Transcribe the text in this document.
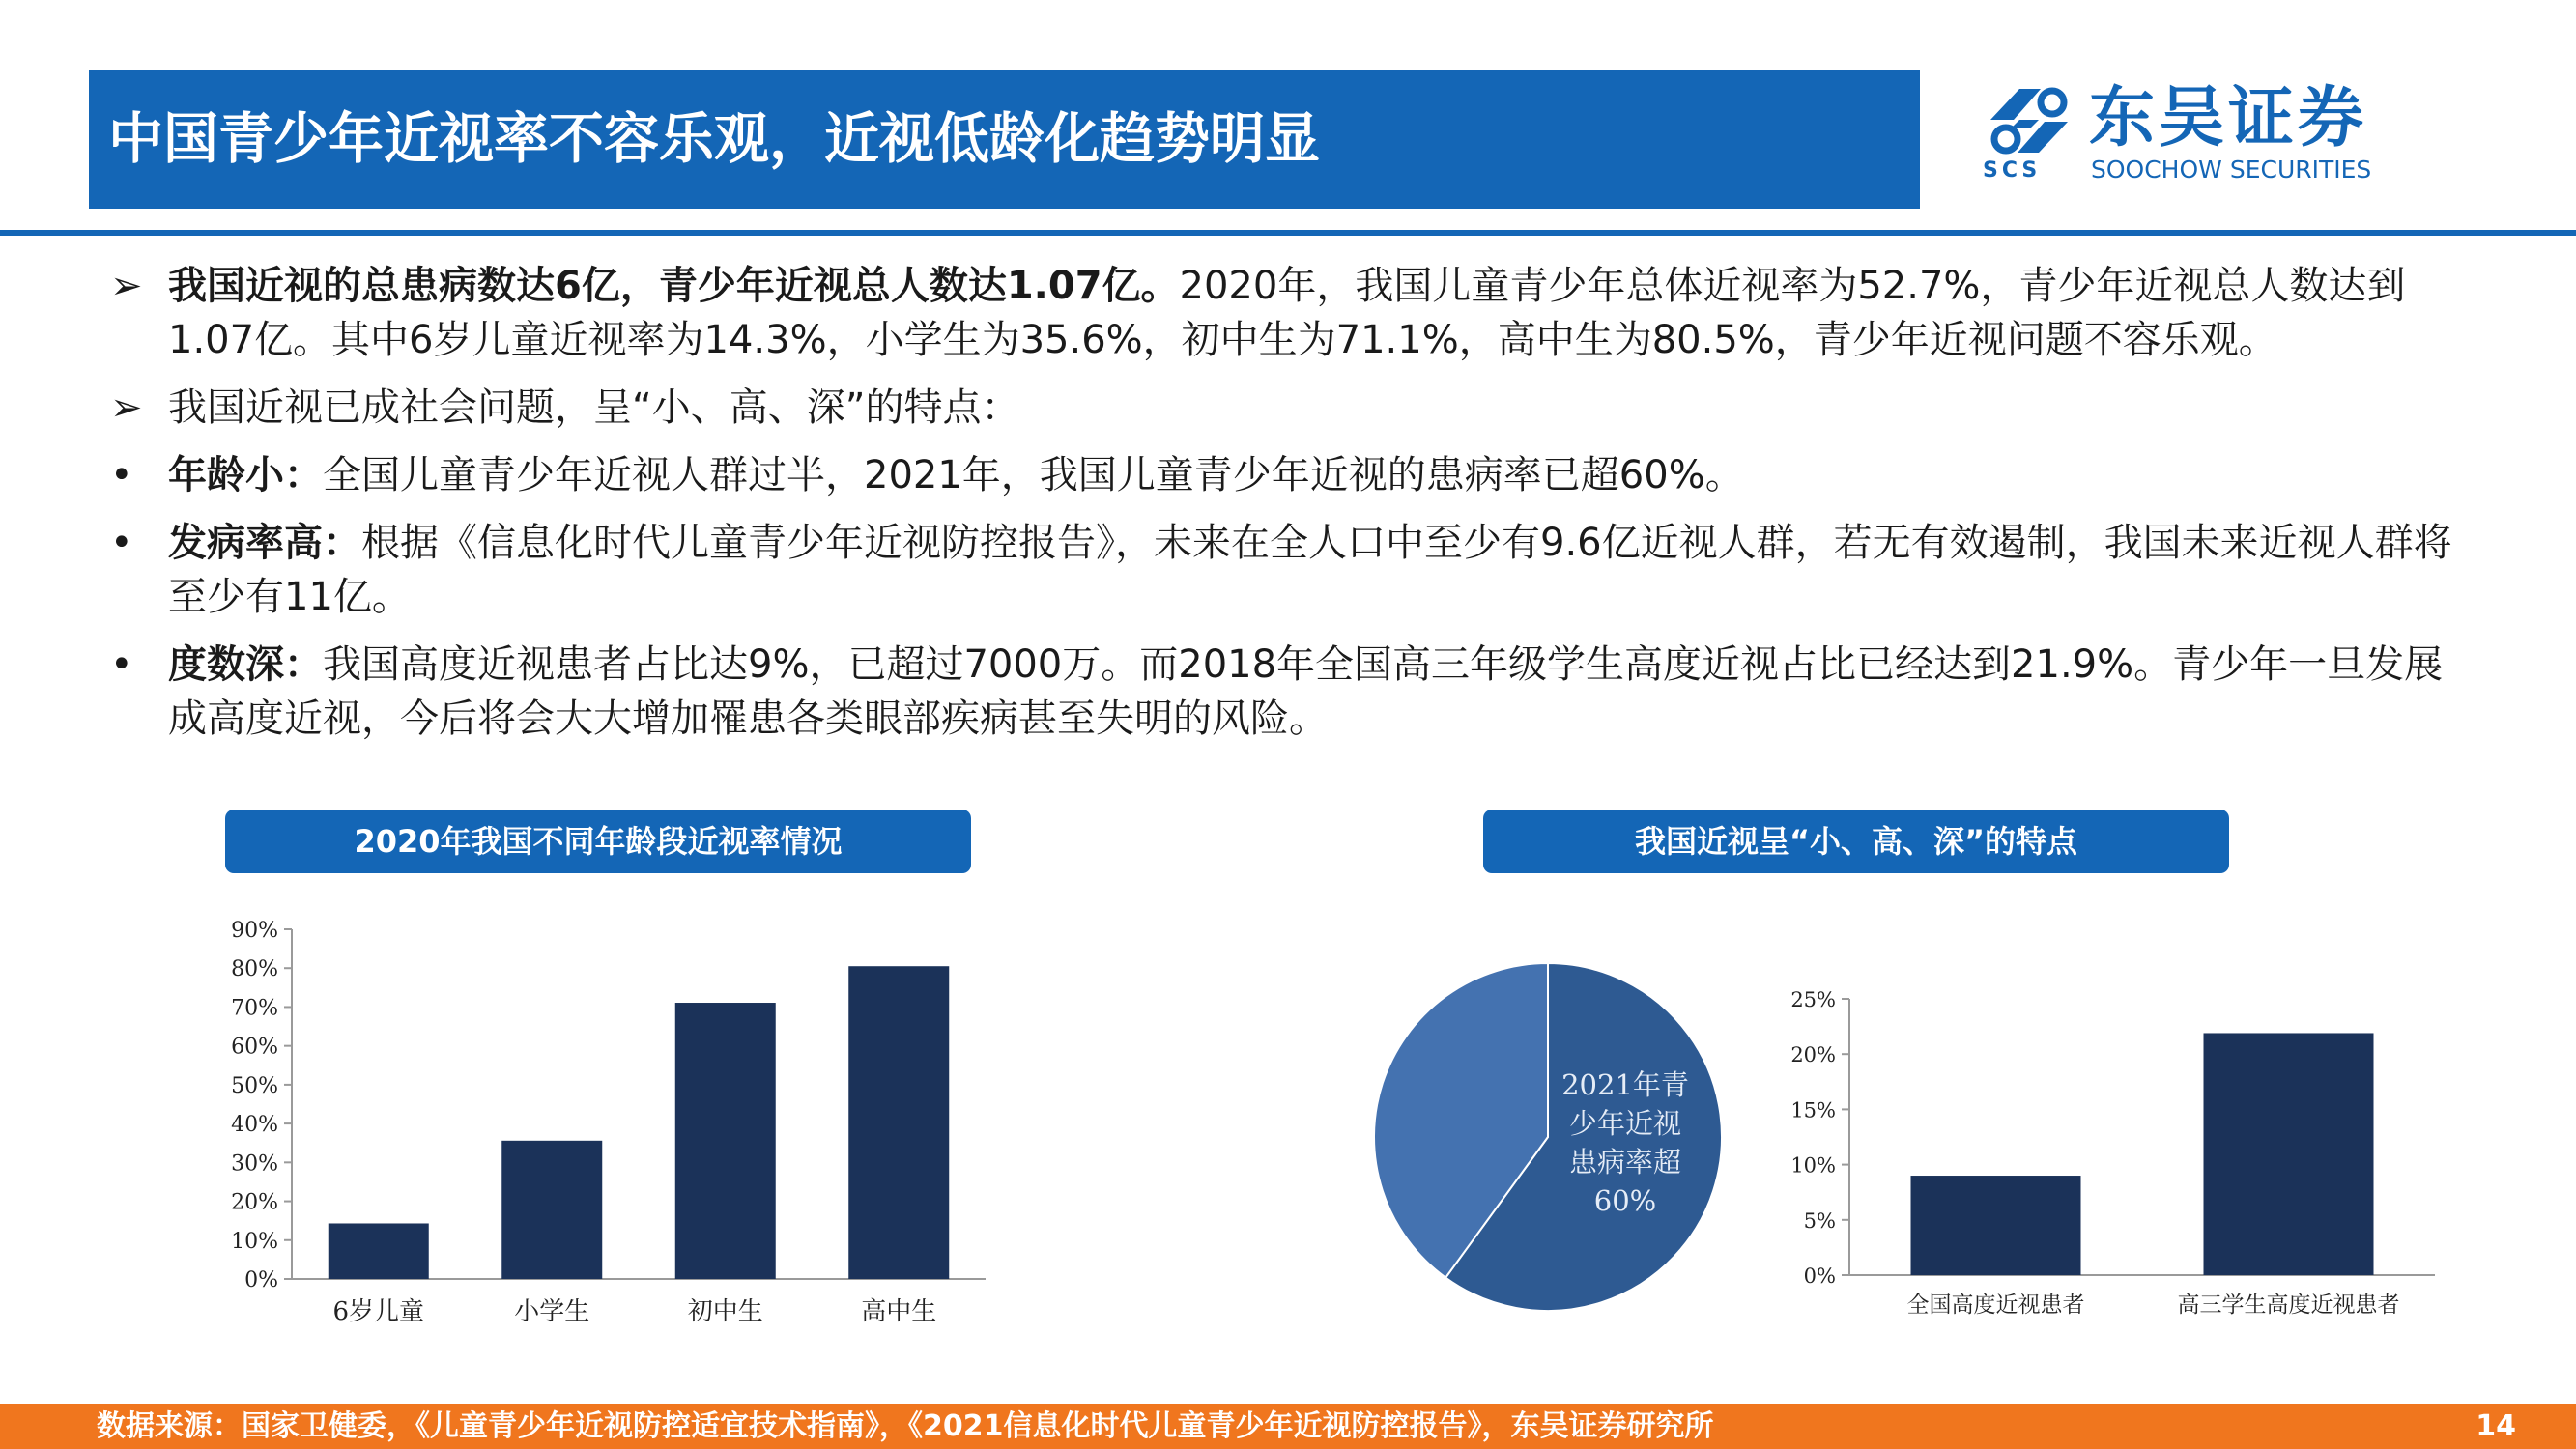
中国青少年近视率不容乐观，近视低龄化趋势明显	SCS
东吴证券
SOOCHOW SECURITIES
➢ 我国近视的总患病数达6亿，青少年近视总人数达1.07亿。2020年，我国儿童青少年总体近视率为52.7%，青少年近视总人数达到1.07亿。其中6岁儿童近视率为14.3%，小学生为35.6%，初中生为71.1%，高中生为80.5%，青少年近视问题不容乐观。
➢ 我国近视已成社会问题，呈“小、高、深”的特点：
• 年龄小：全国儿童青少年近视人群过半，2021年，我国儿童青少年近视的患病率已超60%。
• 发病率高：根据《信息化时代儿童青少年近视防控报告》，未来在全人口中至少有9.6亿近视人群，若无有效遏制，我国未来近视人群将至少有11亿。
• 度数深：我国高度近视患者占比达9%，已超过7000万。而2018年全国高三年级学生高度近视占比已经达到21.9%。青少年一旦发展成高度近视，今后将会大大增加罹患各类眼部疾病甚至失明的风险。
2020年我国不同年龄段近视率情况	我国近视呈“小、高、深”的特点
0%
10%
20%
30%
40%
50%
60%
70%
80%
90%
6岁儿童	小学生	初中生	高中生
2021年青
少年近视
患病率超
60%
0%
5%
10%
15%
20%
25%
全国高度近视患者	高三学生高度近视患者
数据来源：国家卫健委，《儿童青少年近视防控适宜技术指南》，《2021信息化时代儿童青少年近视防控报告》，东吴证券研究所	14
